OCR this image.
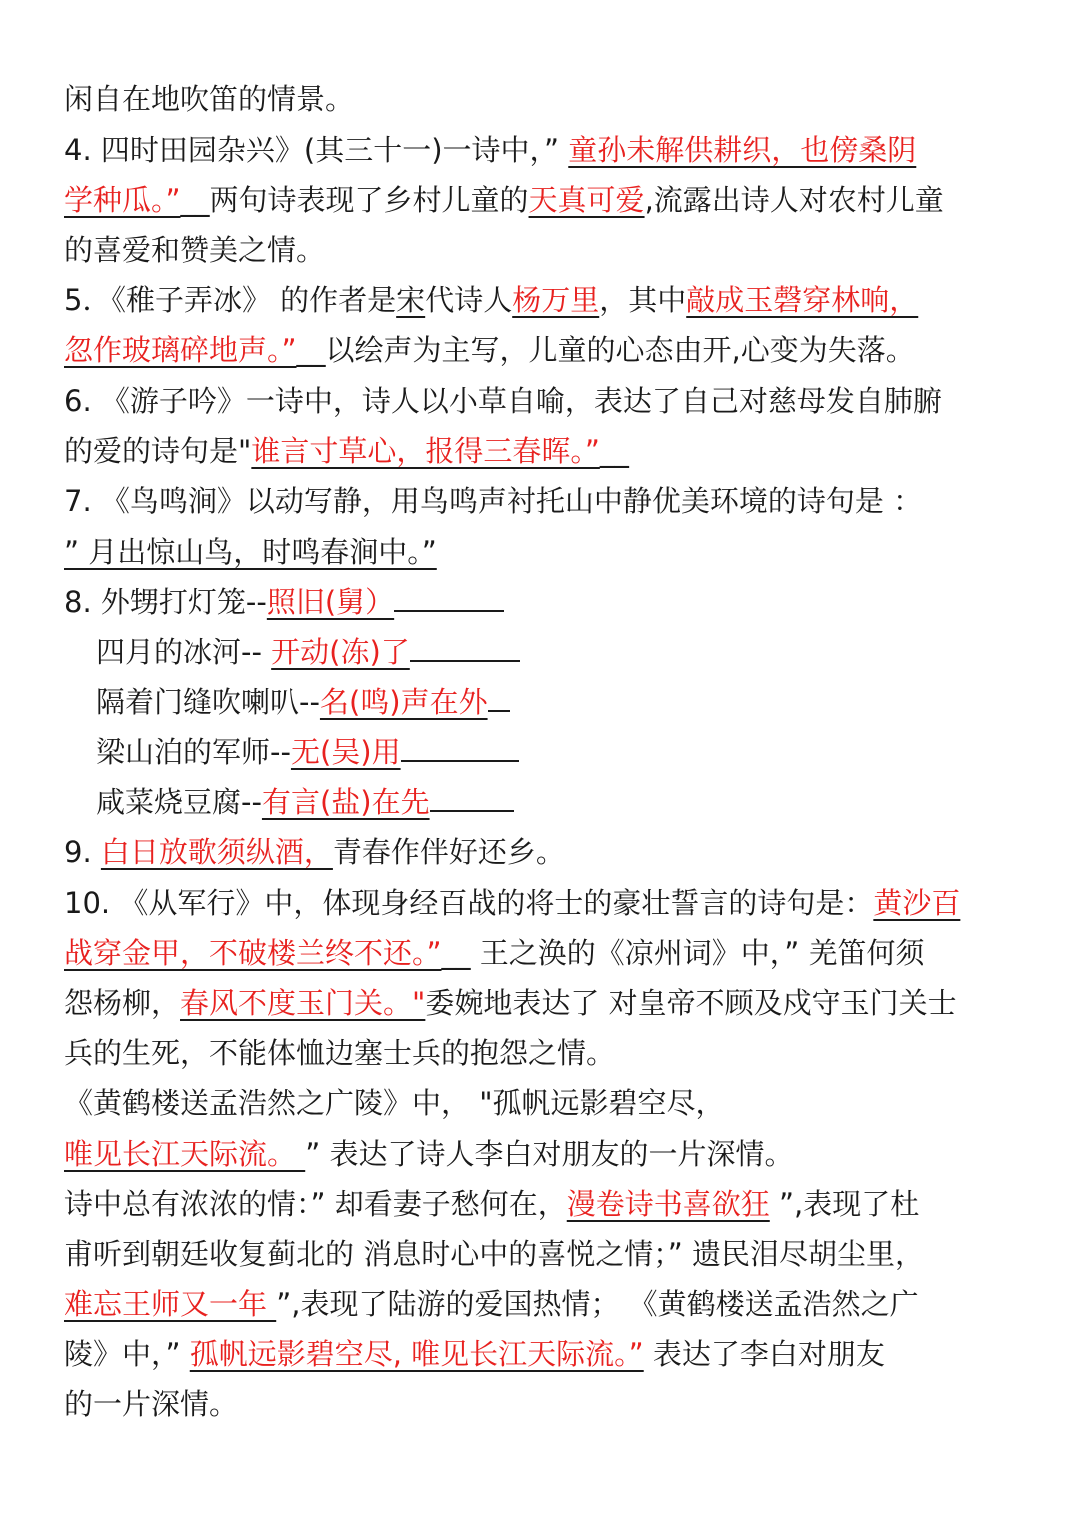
闲自在地吹笛的情景。
4. 四时田园杂兴》(其三十一)一诗中，” 童孙未解供耕织，也傍桑阴
学种瓜。”__两句诗表现了乡村儿童的天真可爱,流露出诗人对农村儿童
的喜爱和赞美之情。
5．《稚子弄冰》 的作者是宋代诗人杨万里，其中敲成玉磬穿林响，
忽作玻璃碎地声。”__以绘声为主写，儿童的心态由开,心变为失落。
6. 《游子吟》一诗中，诗人以小草自喻，表达了自己对慈母发自肺腑
的爱的诗句是"谁言寸草心，报得三春晖。”__
7. 《鸟鸣涧》以动写静，用鸟鸣声衬托山中静优美环境的诗句是 ：
” 月出惊山鸟，时鸣春涧中。”
8. 外甥打灯笼--照旧(舅）
四月的冰河-- 开动(冻)了
隔着门缝吹喇叭--名(鸣)声在外
梁山泊的军师--无(吴)用
咸菜烧豆腐--有言(盐)在先
9. 白日放歌须纵酒，青春作伴好还乡。
10. 《从军行》中，体现身经百战的将士的豪壮誓言的诗句是：黄沙百
战穿金甲，不破楼兰终不还。”__ 王之涣的《凉州词》中，” 羌笛何须
怨杨柳，春风不度玉门关。"委婉地表达了 对皇帝不顾及戍守玉门关士
兵的生死，不能体恤边塞士兵的抱怨之情。
《黄鹤楼送孟浩然之广陵》中， "孤帆远影碧空尽，
唯见长江天际流。 ” 表达了诗人李白对朋友的一片深情。
诗中总有浓浓的情：” 却看妻子愁何在，漫卷诗书喜欲狂 ”,表现了杜
甫听到朝廷收复蓟北的 消息时心中的喜悦之情；” 遗民泪尽胡尘里，
难忘王师又一年 ”,表现了陆游的爱国热情； 《黄鹤楼送孟浩然之广
陵》中，” 孤帆远影碧空尽, 唯见长江天际流。” 表达了李白对朋友
的一片深情。
